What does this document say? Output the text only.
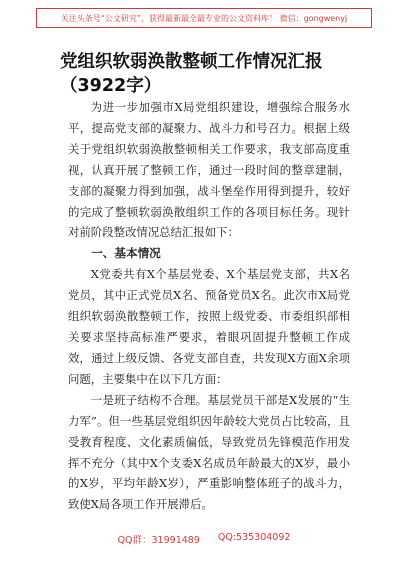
关注头条号“公文研究”，获得最新最全最专业的公文资料库！ 微信：gongwenyj
党组织软弱涣散整顿工作情况汇报（3922字）

为进一步加强市X局党组织建设，增强综合服务水平，提高党支部的凝聚力、战斗力和号召力。根据上级关于党组织软弱涣散整顿相关工作要求，我支部高度重视，认真开展了整顿工作，通过一段时间的整章建制，支部的凝聚力得到加强，战斗堡垒作用得到提升，较好的完成了整顿软弱涣散组织工作的各项目标任务。现针对前阶段整改情况总结汇报如下：

一、基本情况

X党委共有X个基层党委、X个基层党支部，共X名党员，其中正式党员X名、预备党员X名。此次市X局党组织软弱涣散整顿工作，按照上级党委、市委组织部相关要求坚持高标准严要求，着眼巩固提升整顿工作成效，通过上级反馈、各党支部自查，共发现X方面X余项问题，主要集中在以下几方面：

一是班子结构不合理。基层党员干部是X发展的“生力军”。但一些基层党组织因年龄较大党员占比较高，且受教育程度、文化素质偏低，导致党员先锋模范作用发挥不充分（其中X个支委X名成员年龄最大的X岁，最小的X岁，平均年龄X岁），严重影响整体班子的战斗力，致使X局各项工作开展滞后。

QQ群：31991489 QQ:535304092
